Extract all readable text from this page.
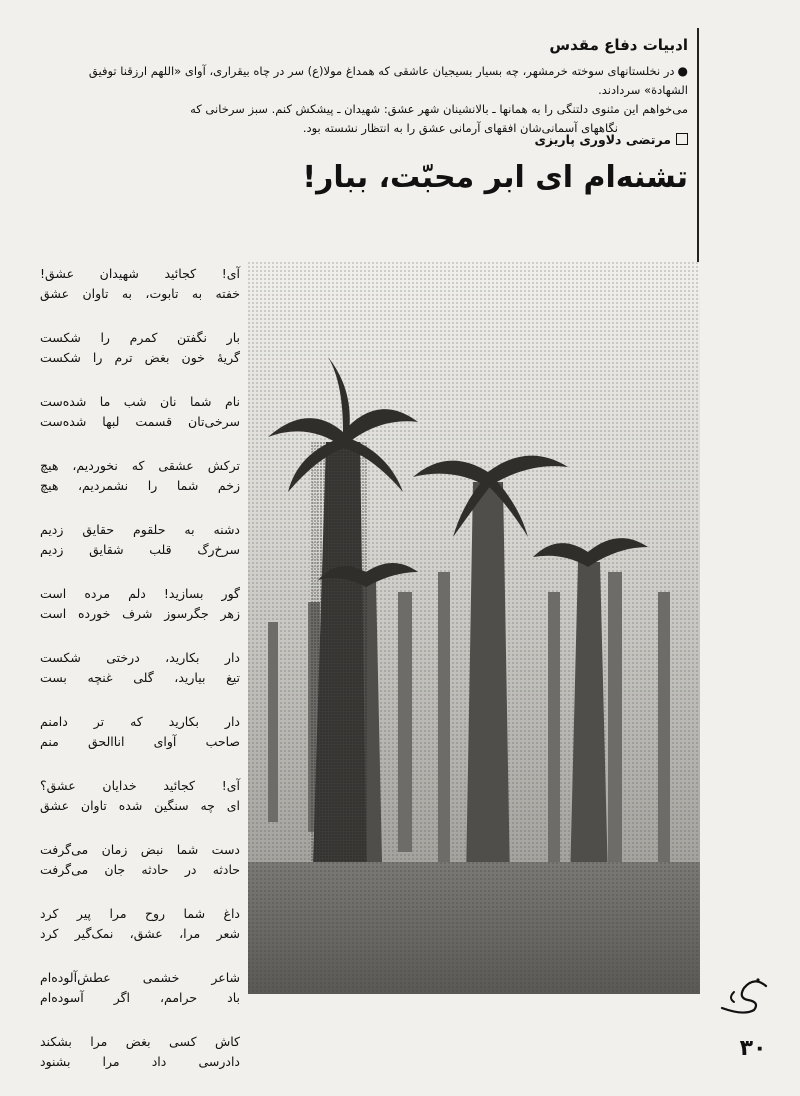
ادبیات دفاع مقدس
●در نخلستانهای سوخته خرمشهر، چه بسیار بسیجیان عاشقی که همداغ مولا(ع) سر در چاه بیقراری، آوای «اللهم ارزقنا توفیق الشهادة» سردادند.
می‌خواهم این مثنوی دلتنگی را به همانها ـ بالانشینان شهر عشق: شهیدان ـ پیشکش کنم. سبز سرخانی که
نگاههای آسمانی‌شان افقهای آرمانی عشق را به انتظار نشسته بود.
مرتضی دلاوری پاریزی
تشنه‌ام ای ابر محبّت، ببار!
آی! کجائید شهیدان عشق!
خفته به تابوت، به تاوان عشق
بار نگفتن کمرم را شکست
گریهٔ خون بغض ترم را شکست
نام شما نان شب ما شده‌ست
سرخی‌تان قسمت لبها شده‌ست
ترکش عشقی که نخوردیم، هیچ
زخم شما را نشمردیم، هیچ
دشنه به حلقوم حقایق زدیم
سرخ‌رگ قلب شقایق زدیم
گور بسازید! دلم مرده است
زهر جگرسوز شرف خورده است
دار بکارید، درختی شکست
تیغ بیارید، گلی غنچه بست
دار بکارید که تر دامنم
صاحب آوای اناالحق منم
آی! کجائید خدایان عشق؟
ای چه سنگین شده تاوان عشق
دست شما نبض زمان می‌گرفت
حادثه در حادثه جان می‌گرفت
داغ شما روح مرا پیر کرد
شعر مرا، عشق، نمک‌گیر کرد
شاعر خشمی عطش‌آلوده‌ام
باد حرامم، اگر آسوده‌ام
کاش کسی بغض مرا بشکند
دادرسی داد مرا بشنود
۳۰
